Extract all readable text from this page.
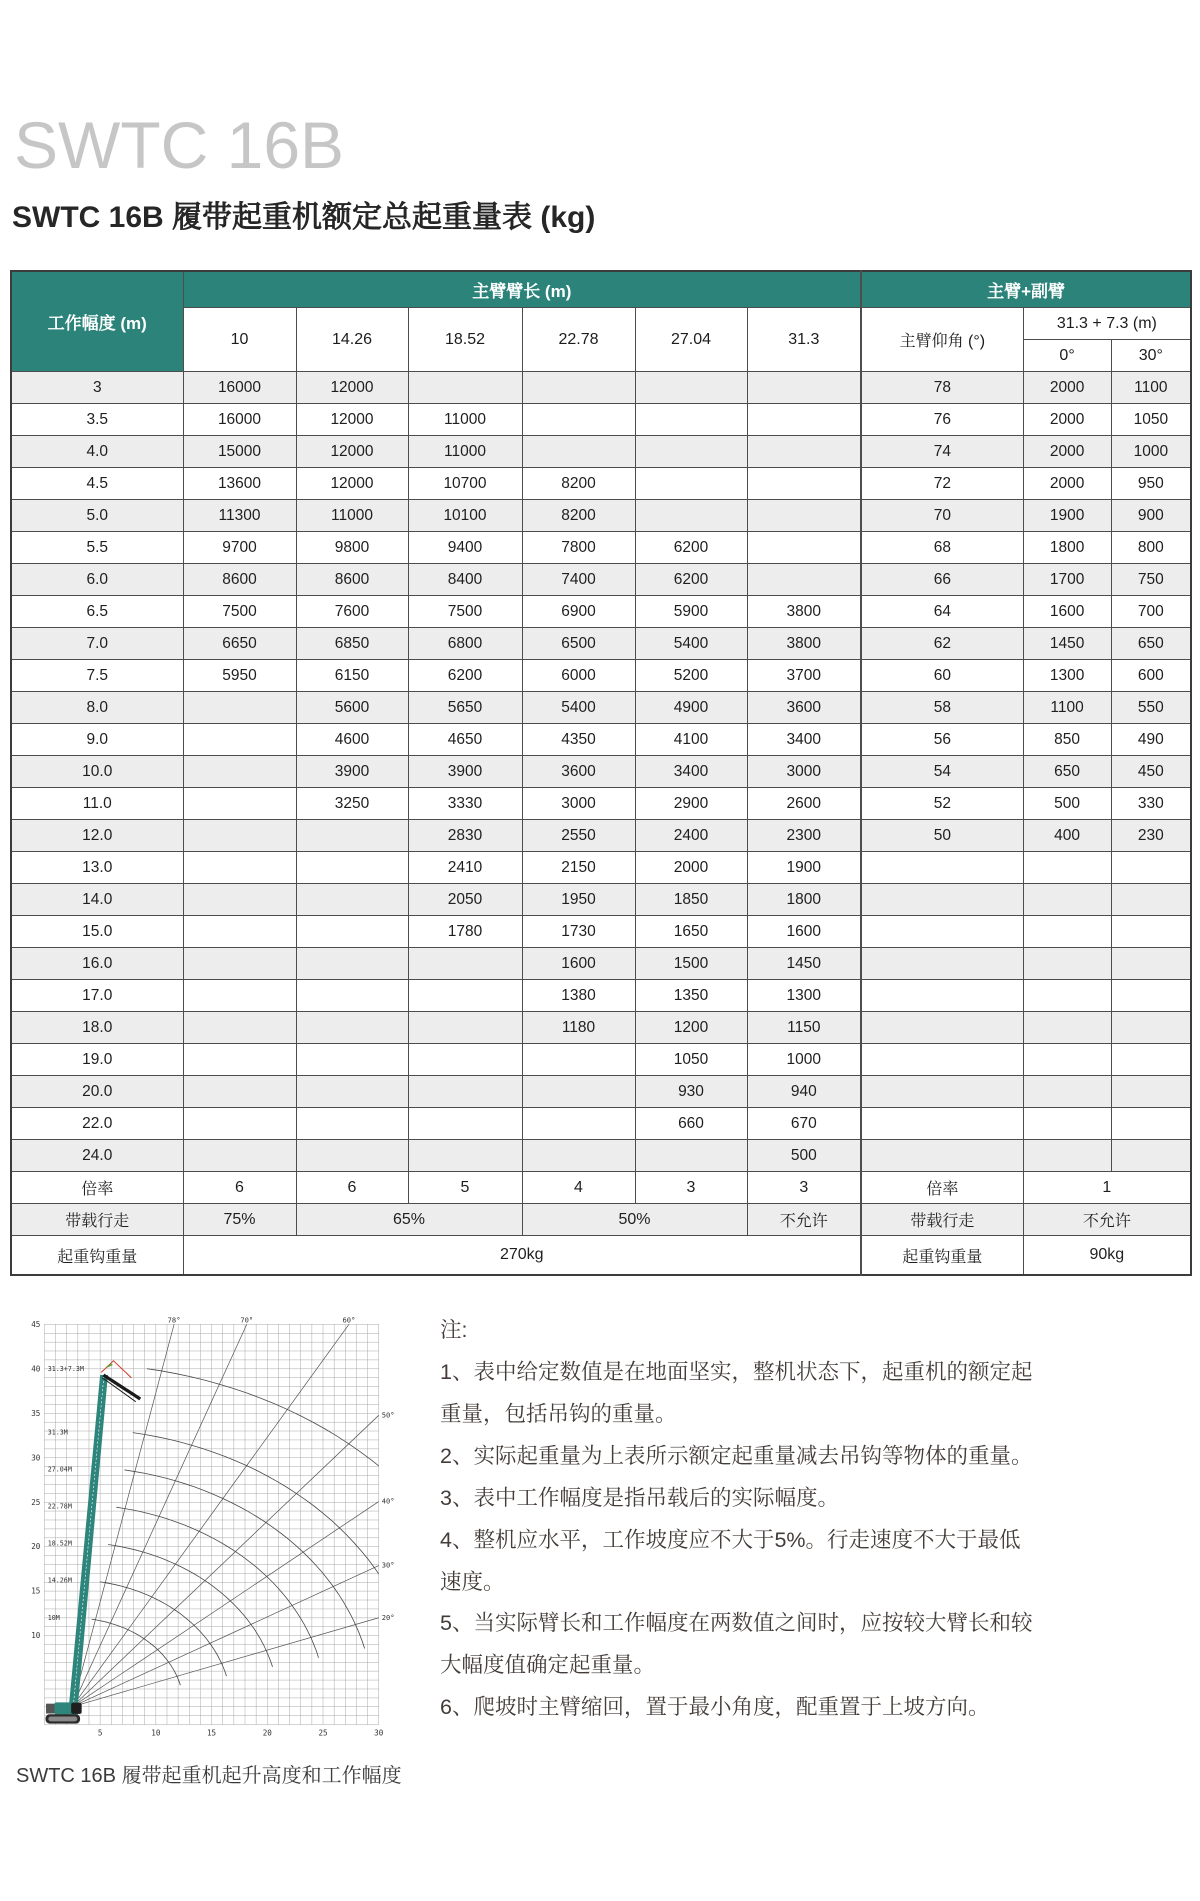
SWTC 16B
SWTC 16B 履带起重机额定总起重量表 (kg)
工作幅度 (m)	主臂臂长 (m)						主臂+副臂		
	10	14.26	18.52	22.78	27.04	31.3	主臂仰角 (°)	31.3 + 7.3 (m)	
								0°	30°
3	16000	12000					78	2000	1100
3.5	16000	12000	11000				76	2000	1050
4.0	15000	12000	11000				74	2000	1000
4.5	13600	12000	10700	8200			72	2000	950
5.0	11300	11000	10100	8200			70	1900	900
5.5	9700	9800	9400	7800	6200		68	1800	800
6.0	8600	8600	8400	7400	6200		66	1700	750
6.5	7500	7600	7500	6900	5900	3800	64	1600	700
7.0	6650	6850	6800	6500	5400	3800	62	1450	650
7.5	5950	6150	6200	6000	5200	3700	60	1300	600
8.0		5600	5650	5400	4900	3600	58	1100	550
9.0		4600	4650	4350	4100	3400	56	850	490
10.0		3900	3900	3600	3400	3000	54	650	450
11.0		3250	3330	3000	2900	2600	52	500	330
12.0			2830	2550	2400	2300	50	400	230
13.0			2410	2150	2000	1900			
14.0			2050	1950	1850	1800			
15.0			1780	1730	1650	1600			
16.0				1600	1500	1450			
17.0				1380	1350	1300			
18.0				1180	1200	1150			
19.0					1050	1000			
20.0					930	940			
22.0					660	670			
24.0						500			
倍率	6	6	5	4	3	3	倍率	1	
带载行走	75%	65%		50%		不允许	带载行走	不允许	
起重钩重量	270kg						起重钩重量	90kg	
45
40
35
30
25
20
15
10
5	10	15	20	25	30
78°	70°	60°
50°
40°
30°
20°
31.3+7.3M
31.3M
27.04M
22.78M
18.52M
14.26M
10M
SWTC 16B 履带起重机起升高度和工作幅度
注:
1、表中给定数值是在地面坚实，整机状态下，起重机的额定起重量，包括吊钩的重量。
2、实际起重量为上表所示额定起重量减去吊钩等物体的重量。
3、表中工作幅度是指吊载后的实际幅度。
4、整机应水平，工作坡度应不大于5%。行走速度不大于最低速度。
5、当实际臂长和工作幅度在两数值之间时，应按较大臂长和较大幅度值确定起重量。
6、爬坡时主臂缩回，置于最小角度，配重置于上坡方向。
